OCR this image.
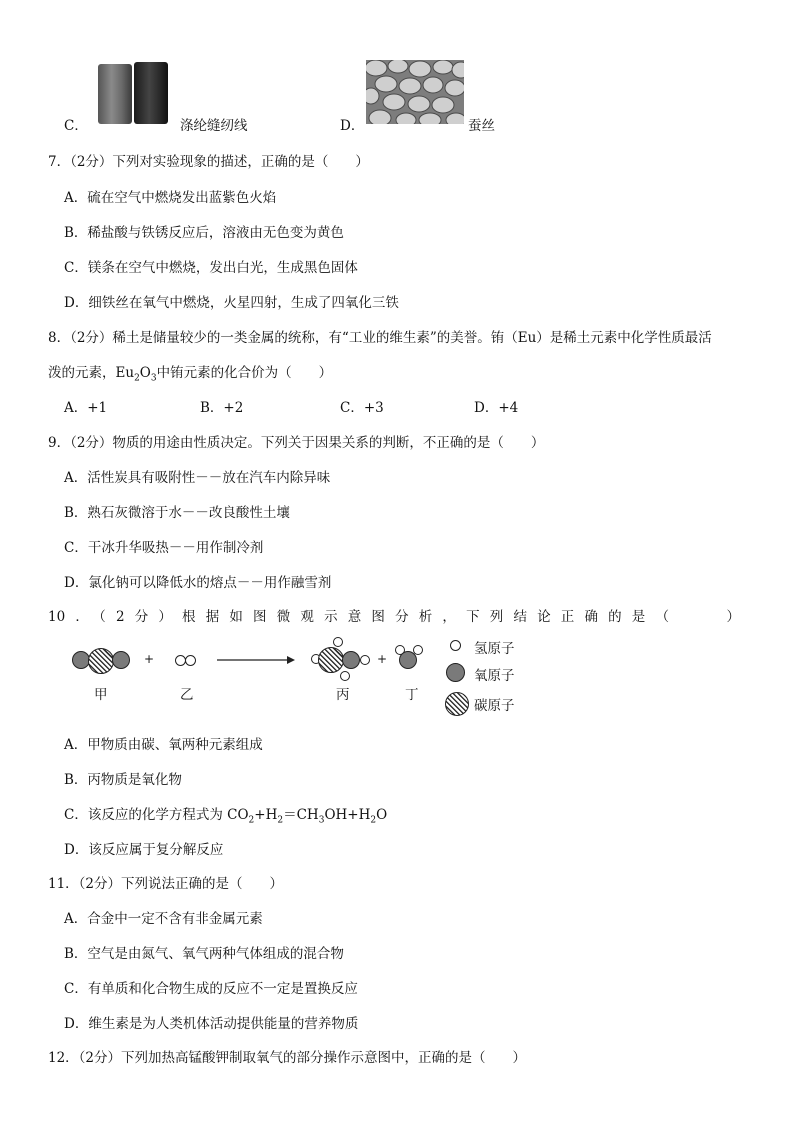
C．	涤纶缝纫线	D．	蚕丝
7．（2分）下列对实验现象的描述，正确的是（　　）
A．硫在空气中燃烧发出蓝紫色火焰
B．稀盐酸与铁锈反应后，溶液由无色变为黄色
C．镁条在空气中燃烧，发出白光，生成黑色固体
D．细铁丝在氧气中燃烧，火星四射，生成了四氧化三铁
8．（2分）稀土是储量较少的一类金属的统称，有“工业的维生素”的美誉。铕（Eu）是稀土元素中化学性质最活
泼的元素，$Eu_2O_3$中铕元素的化合价为（　　）
A．+1	B．+2	C．+3	D．+4
9．（2分）物质的用途由性质决定。下列关于因果关系的判断，不正确的是（　　）
A．活性炭具有吸附性－－放在汽车内除异味
B．熟石灰微溶于水－－改良酸性土壤
C．干冰升华吸热－－用作制冷剂
D．氯化钠可以降低水的熔点－－用作融雪剂
10．（2分）根据如图微观示意图分析，下列结论正确的是（　　）
甲
+
乙	丙
+
丁
氢原子
氧原子
碳原子
A．甲物质由碳、氧两种元素组成
B．丙物质是氧化物
C．该反应的化学方程式为 $CO_2+H_2=CH_3OH+H_2O$
D．该反应属于复分解反应
11．（2分）下列说法正确的是（　　）
A．合金中一定不含有非金属元素
B．空气是由氮气、氧气两种气体组成的混合物
C．有单质和化合物生成的反应不一定是置换反应
D．维生素是为人类机体活动提供能量的营养物质
12．（2分）下列加热高锰酸钾制取氧气的部分操作示意图中，正确的是（　　）
